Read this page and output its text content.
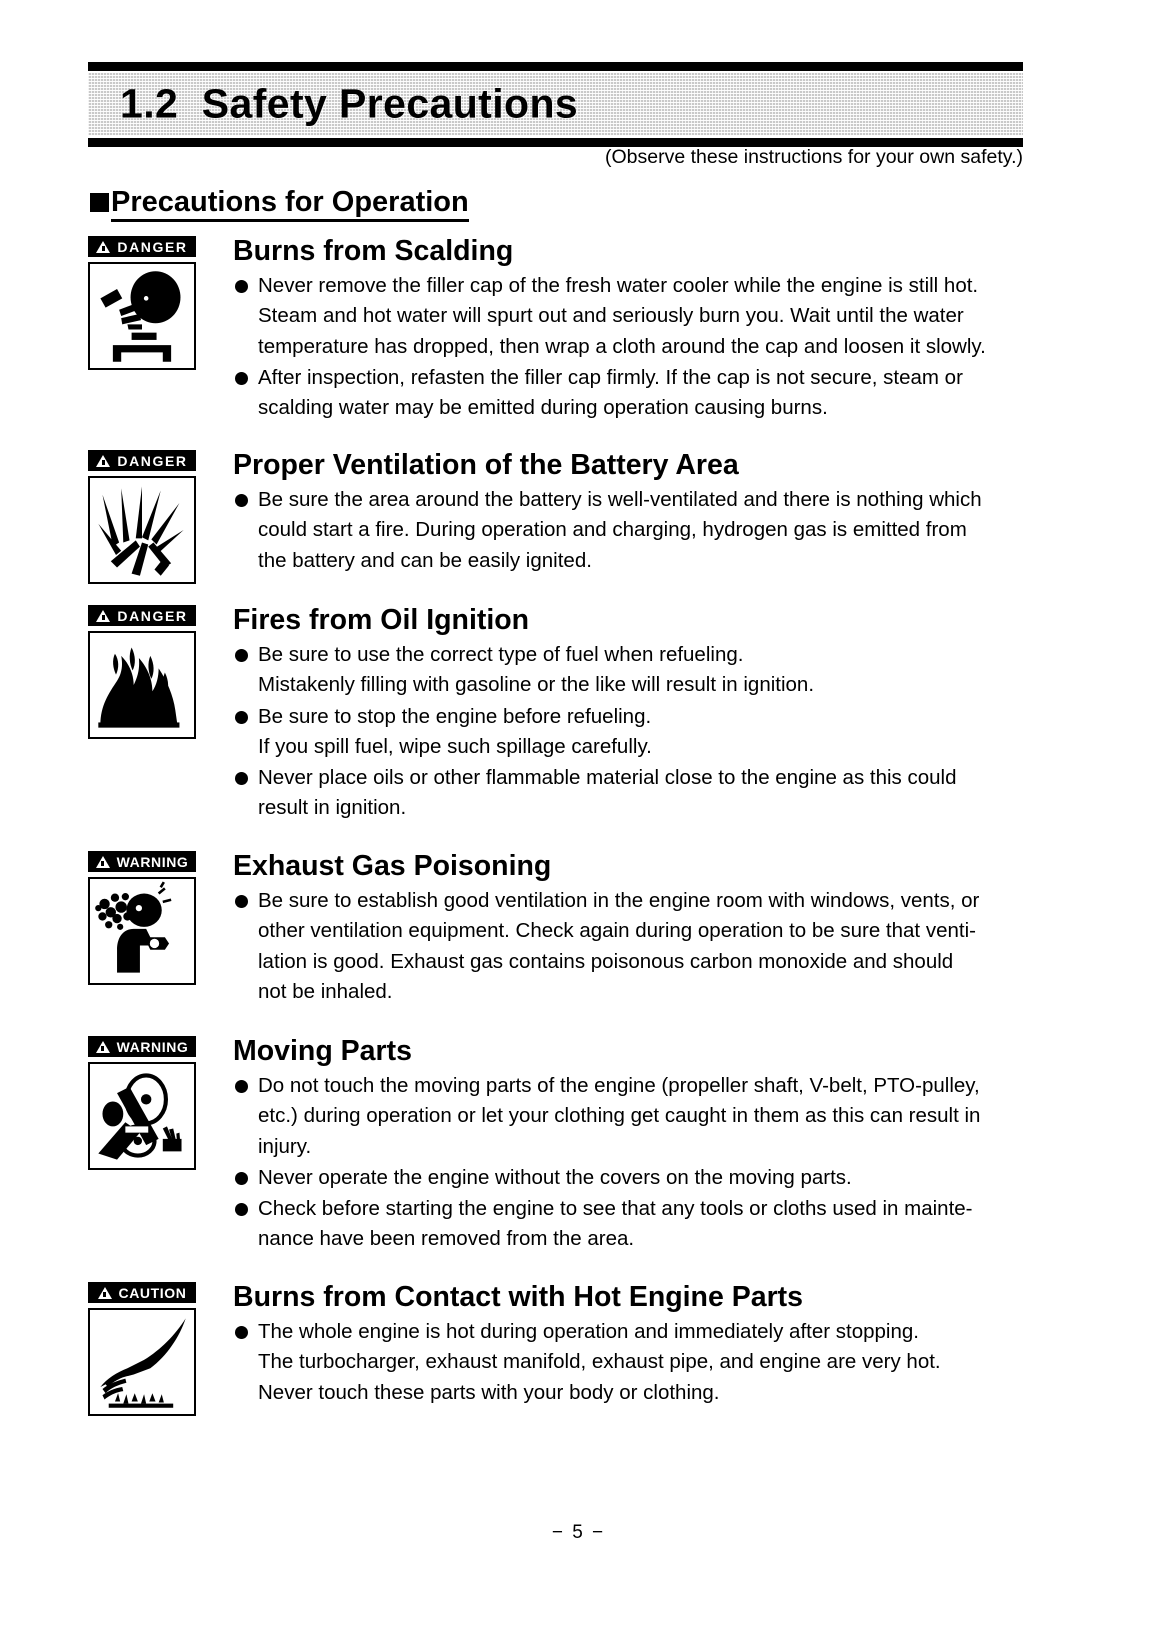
1.2  Safety Precautions
(Observe these instructions for your own safety.)
Precautions for Operation
DANGER Burns from Scalding
Never remove the filler cap of the fresh water cooler while the engine is still hot.
Steam and hot water will spurt out and seriously burn you. Wait until the water
temperature has dropped, then wrap a cloth around the cap and loosen it slowly.
After inspection, refasten the filler cap firmly. If the cap is not secure, steam or
scalding water may be emitted during operation causing burns.
DANGER Proper Ventilation of the Battery Area
Be sure the area around the battery is well-ventilated and there is nothing which
could start a fire. During operation and charging, hydrogen gas is emitted from
the battery and can be easily ignited.
DANGER Fires from Oil Ignition
Be sure to use the correct type of fuel when refueling.
Mistakenly filling with gasoline or the like will result in ignition.
Be sure to stop the engine before refueling.
If you spill fuel, wipe such spillage carefully.
Never place oils or other flammable material close to the engine as this could
result in ignition.
WARNING Exhaust Gas Poisoning
Be sure to establish good ventilation in the engine room with windows, vents, or
other ventilation equipment. Check again during operation to be sure that venti-
lation is good. Exhaust gas contains poisonous carbon monoxide and should
not be inhaled.
WARNING Moving Parts
Do not touch the moving parts of the engine (propeller shaft, V-belt, PTO-pulley,
etc.) during operation or let your clothing get caught in them as this can result in
injury.
Never operate the engine without the covers on the moving parts.
Check before starting the engine to see that any tools or cloths used in mainte-
nance have been removed from the area.
CAUTION Burns from Contact with Hot Engine Parts
The whole engine is hot during operation and immediately after stopping.
The turbocharger, exhaust manifold, exhaust pipe, and engine are very hot.
Never touch these parts with your body or clothing.
− 5 −
